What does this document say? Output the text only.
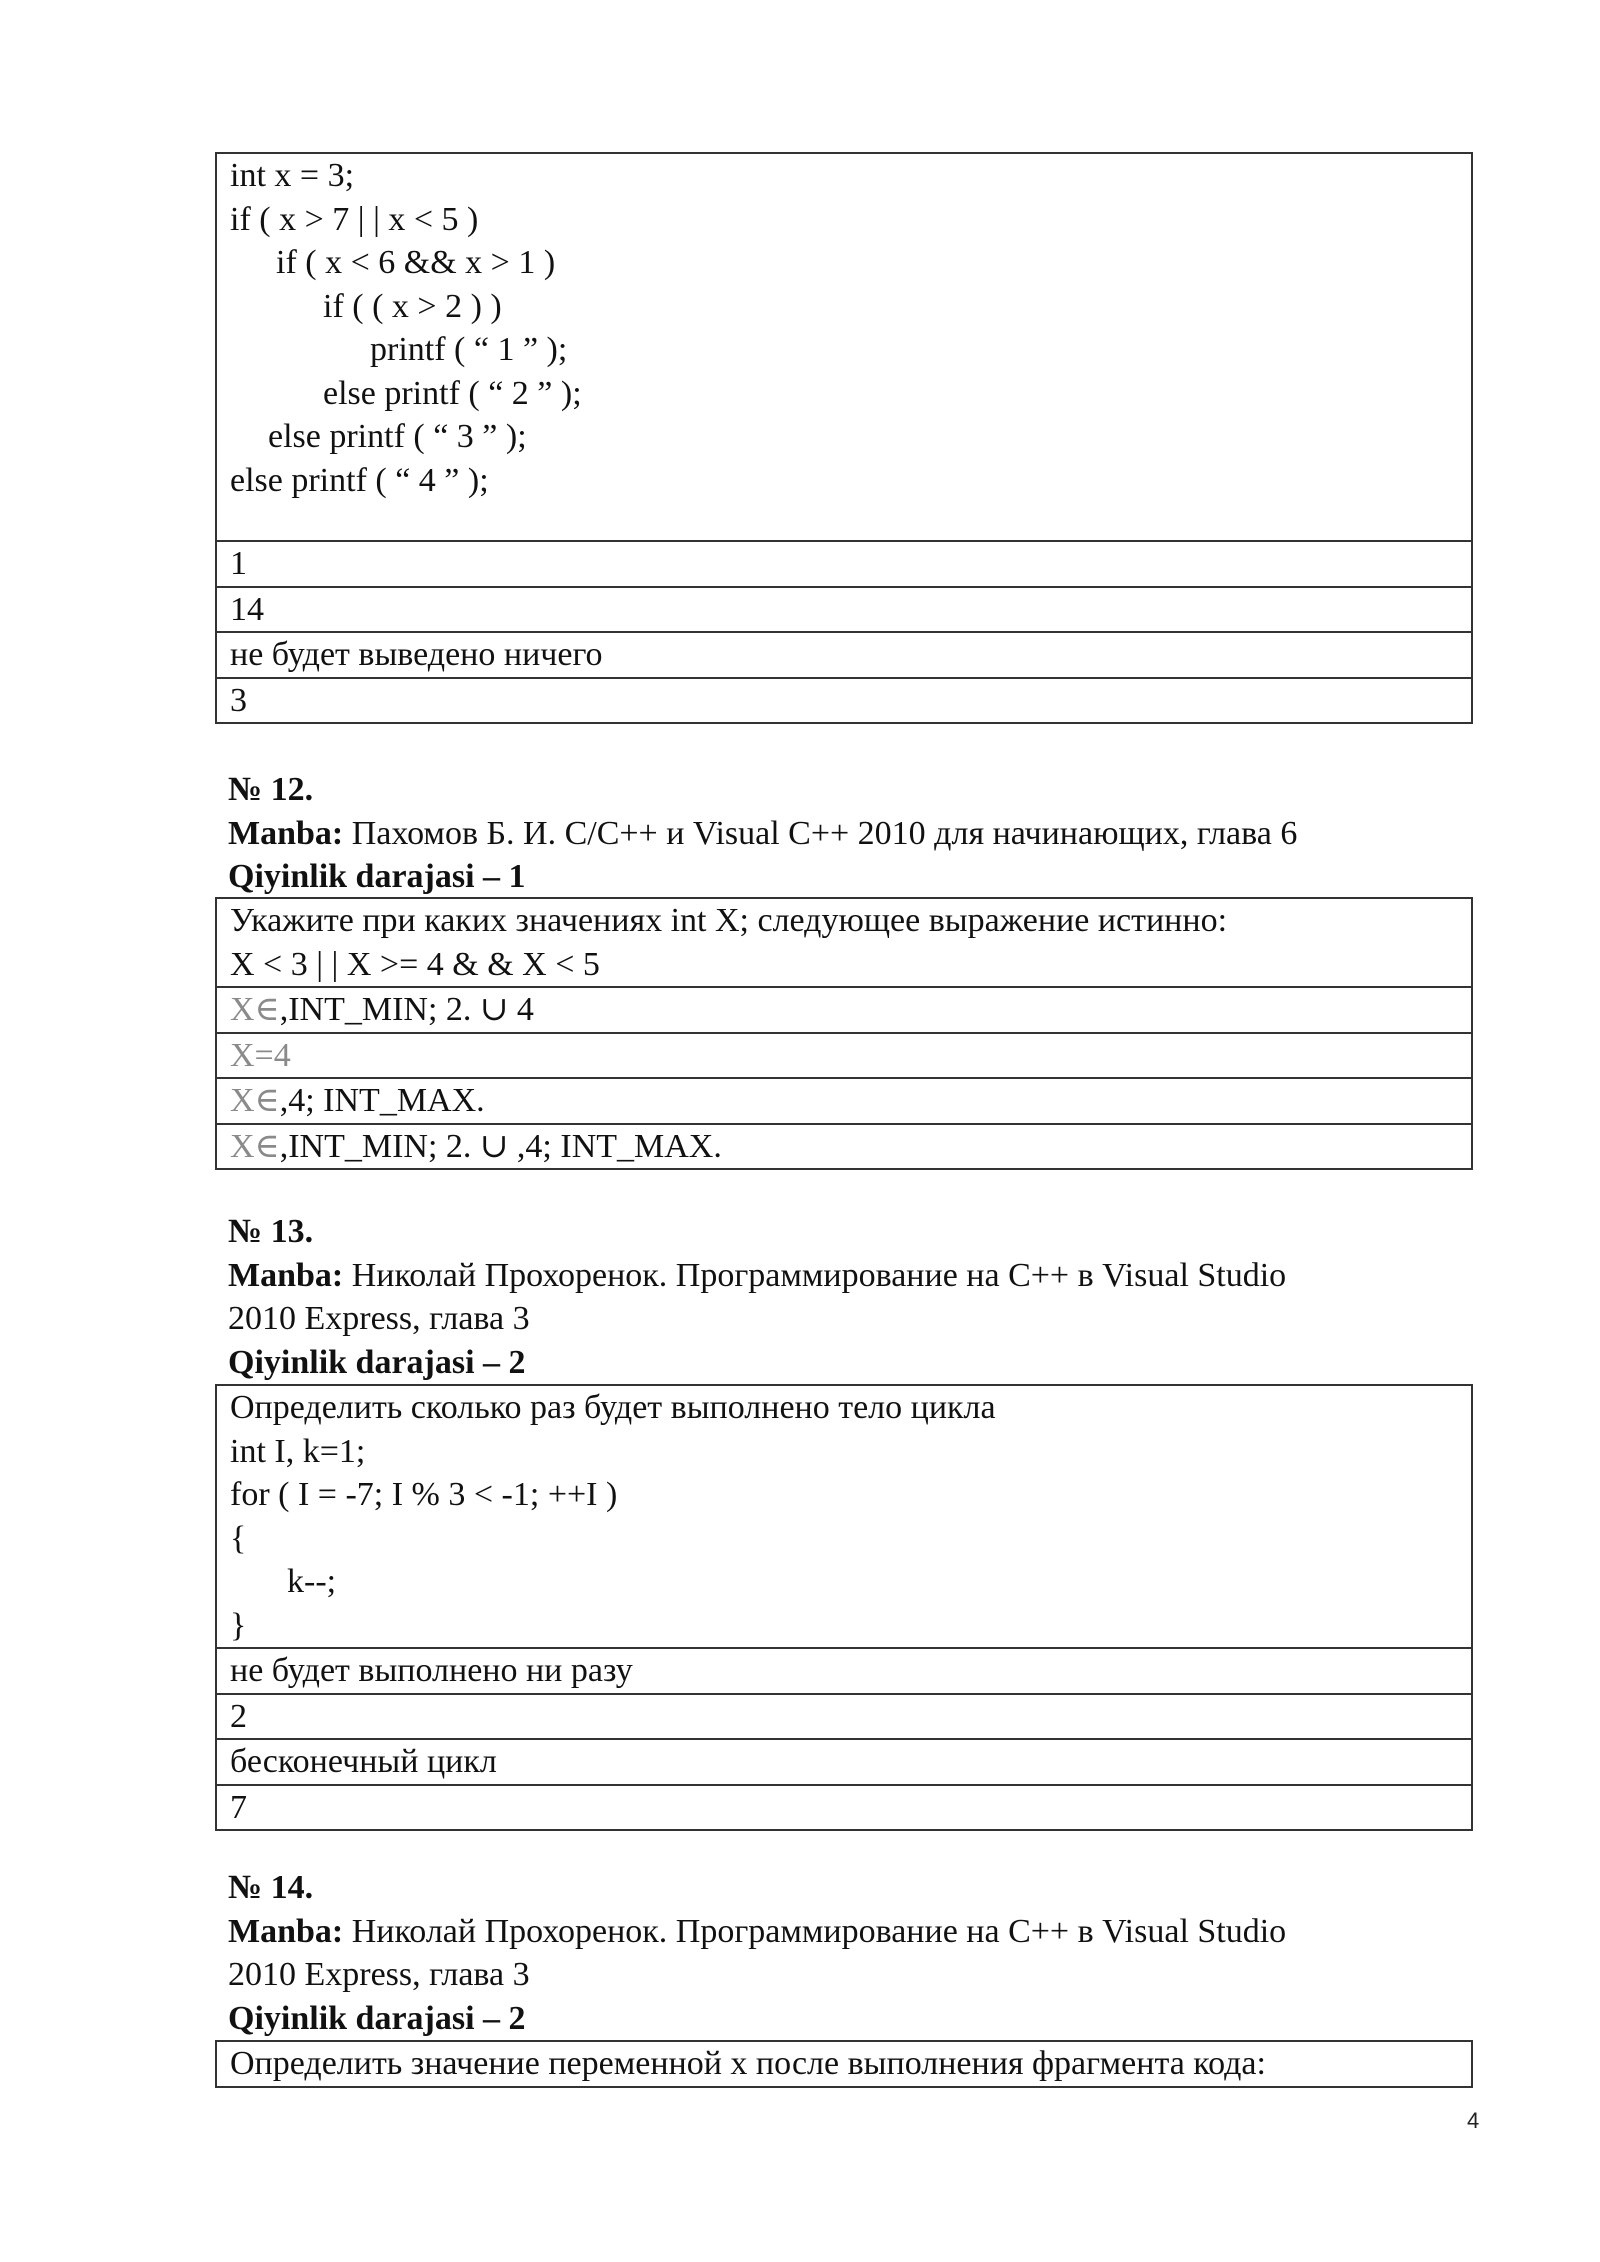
int x = 3;
if ( x > 7 | | x < 5 )
if ( x < 6 && x > 1 )
if ( ( x > 2 ) )
printf ( “ 1 ” );
else printf ( “ 2 ” );
else printf ( “ 3 ” );
else printf ( “ 4 ” );

1
14
не будет выведено ничего
3
№ 12.
Manba: Пахомов Б. И. C/C++ и Visual C++ 2010 для начинающих, глава 6
Qiyinlik darajasi – 1
Укажите при каких значениях int X; следующее выражение истинно:
X < 3 | | X >= 4 & & X < 5

X∈,INT_MIN; 2. ∪ 4
X=4
X∈,4; INT_MAX.
X∈,INT_MIN; 2. ∪ ,4; INT_MAX.
№ 13.
Manba: Николай Прохоренок. Программирование на C++ в Visual Studio
2010 Express, глава 3
Qiyinlik darajasi – 2
Определить сколько раз будет выполнено тело цикла
int I, k=1;
for ( I = -7; I % 3 < -1; ++I )
{
k--;
}

не будет выполнено ни разу
2
бесконечный цикл
7
№ 14.
Manba: Николай Прохоренок. Программирование на C++ в Visual Studio
2010 Express, глава 3
Qiyinlik darajasi – 2
Определить значение переменной x после выполнения фрагмента кода:
4
